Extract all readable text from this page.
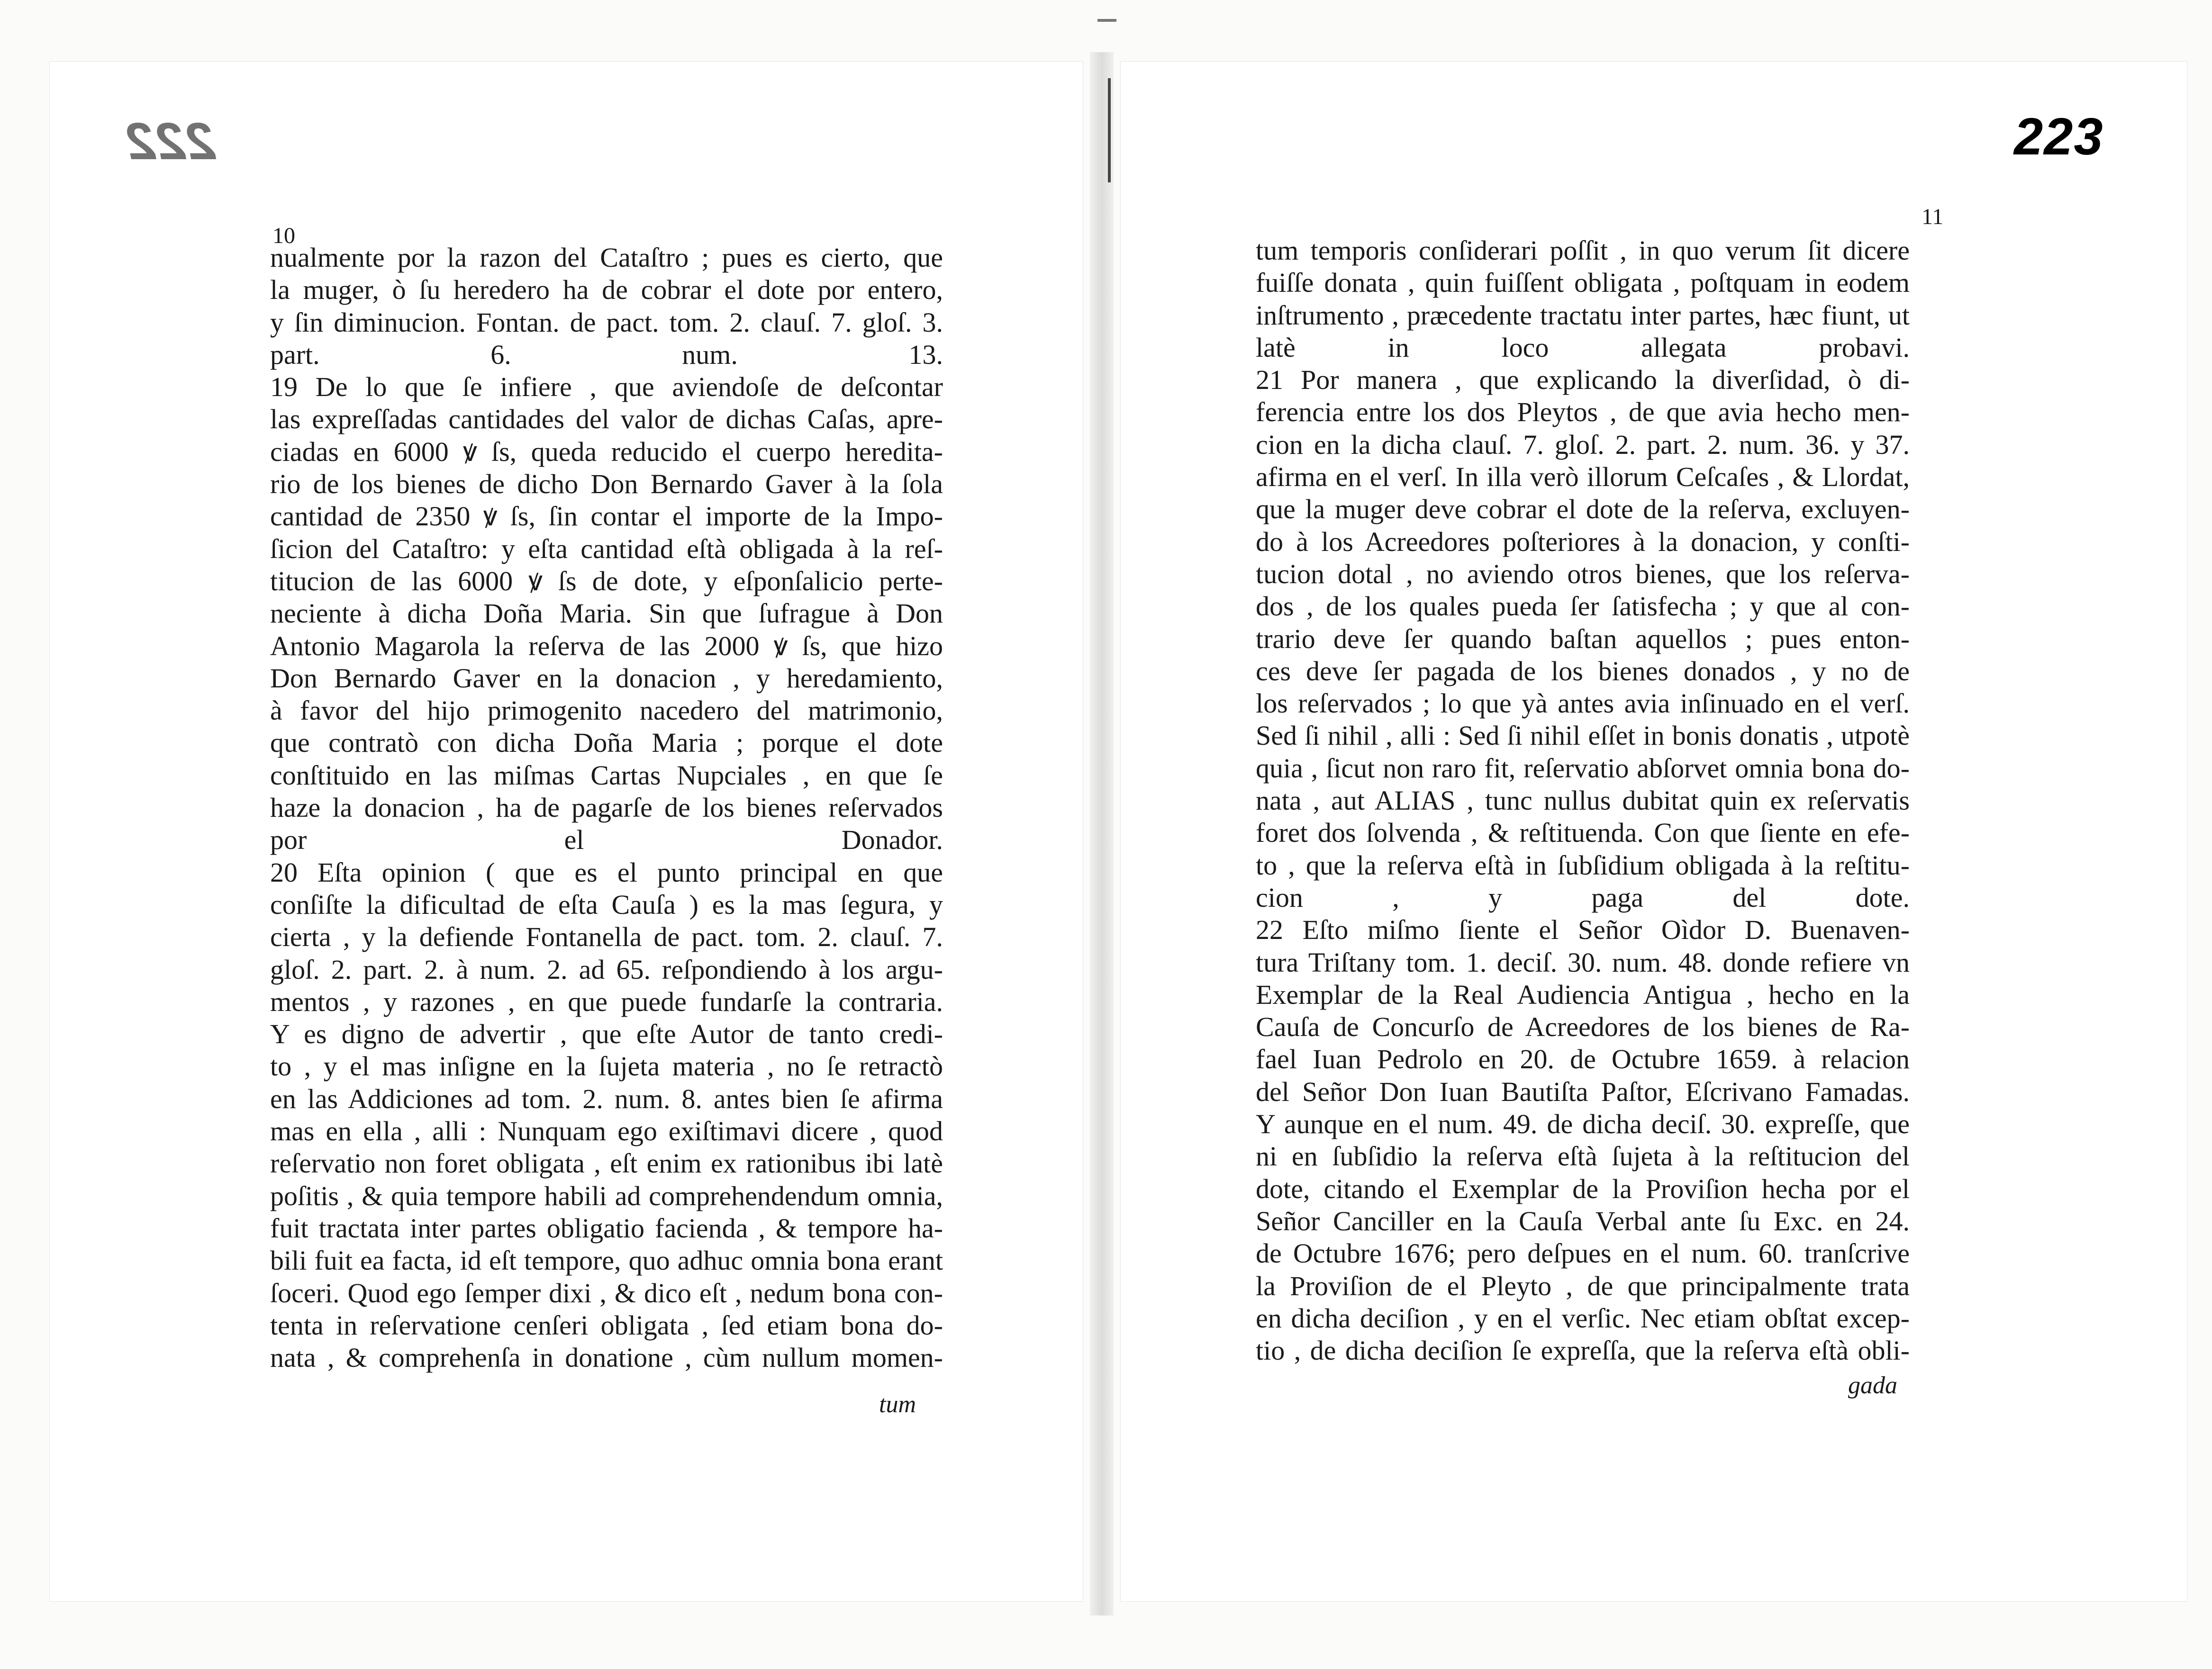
222	223
10
11
nualmente por la razon del Cataſtro ; pues es cierto, que
la muger, ò ſu heredero ha de cobrar el dote por entero,
y ſin diminucion. Fontan. de pact. tom. 2. clauſ. 7. gloſ. 3.
part. 6. num. 13.
19 De lo que ſe infiere , que aviendoſe de deſcontar
las expreſſadas cantidades del valor de dichas Caſas, apre-
ciadas en 6000 ꝟ ſs, queda reducido el cuerpo heredita-
rio de los bienes de dicho Don Bernardo Gaver à la ſola
cantidad de 2350 ꝟ ſs, ſin contar el importe de la Impo-
ſicion del Cataſtro: y eſta cantidad eſtà obligada à la reſ-
titucion de las 6000 ꝟ ſs de dote, y eſponſalicio perte-
neciente à dicha Doña Maria. Sin que ſufrague à Don
Antonio Magarola la reſerva de las 2000 ꝟ ſs, que hizo
Don Bernardo Gaver en la donacion , y heredamiento,
à favor del hijo primogenito nacedero del matrimonio,
que contratò con dicha Doña Maria ; porque el dote
conſtituido en las miſmas Cartas Nupciales , en que ſe
haze la donacion , ha de pagarſe de los bienes reſervados
por el Donador.
20 Eſta opinion ( que es el punto principal en que
conſiſte la dificultad de eſta Cauſa ) es la mas ſegura, y
cierta , y la defiende Fontanella de pact. tom. 2. clauſ. 7.
gloſ. 2. part. 2. à num. 2. ad 65. reſpondiendo à los argu-
mentos , y razones , en que puede fundarſe la contraria.
Y es digno de advertir , que eſte Autor de tanto credi-
to , y el mas inſigne en la ſujeta materia , no ſe retractò
en las Addiciones ad tom. 2. num. 8. antes bien ſe afirma
mas en ella , alli : Nunquam ego exiſtimavi dicere , quod
reſervatio non foret obligata , eſt enim ex rationibus ibi latè
poſitis , & quia tempore habili ad comprehendendum omnia,
fuit tractata inter partes obligatio facienda , & tempore ha-
bili fuit ea facta, id eſt tempore, quo adhuc omnia bona erant
ſoceri. Quod ego ſemper dixi , & dico eſt , nedum bona con-
tenta in reſervatione cenſeri obligata , ſed etiam bona do-
nata , & comprehenſa in donatione , cùm nullum momen-
tum temporis conſiderari poſſit , in quo verum ſit dicere
fuiſſe donata , quin fuiſſent obligata , poſtquam in eodem
inſtrumento , præcedente tractatu inter partes, hæc fiunt, ut
latè in loco allegata probavi.
21 Por manera , que explicando la diverſidad, ò di-
ferencia entre los dos Pleytos , de que avia hecho men-
cion en la dicha clauſ. 7. gloſ. 2. part. 2. num. 36. y 37.
afirma en el verſ. In illa verò illorum Ceſcaſes , & Llordat,
que la muger deve cobrar el dote de la reſerva, excluyen-
do à los Acreedores poſteriores à la donacion, y conſti-
tucion dotal , no aviendo otros bienes, que los reſerva-
dos , de los quales pueda ſer ſatisfecha ; y que al con-
trario deve ſer quando baſtan aquellos ; pues enton-
ces deve ſer pagada de los bienes donados , y no de
los reſervados ; lo que yà antes avia inſinuado en el verſ.
Sed ſi nihil , alli : Sed ſi nihil eſſet in bonis donatis , utpotè
quia , ſicut non raro fit, reſervatio abſorvet omnia bona do-
nata , aut ALIAS , tunc nullus dubitat quin ex reſervatis
foret dos ſolvenda , & reſtituenda. Con que ſiente en efe-
to , que la reſerva eſtà in ſubſidium obligada à la reſtitu-
cion , y paga del dote.
22 Eſto miſmo ſiente el Señor Oìdor D. Buenaven-
tura Triſtany tom. 1. deciſ. 30. num. 48. donde refiere vn
Exemplar de la Real Audiencia Antigua , hecho en la
Cauſa de Concurſo de Acreedores de los bienes de Ra-
fael Iuan Pedrolo en 20. de Octubre 1659. à relacion
del Señor Don Iuan Bautiſta Paſtor, Eſcrivano Famadas.
Y aunque en el num. 49. de dicha deciſ. 30. expreſſe, que
ni en ſubſidio la reſerva eſtà ſujeta à la reſtitucion del
dote, citando el Exemplar de la Proviſion hecha por el
Señor Canciller en la Cauſa Verbal ante ſu Exc. en 24.
de Octubre 1676; pero deſpues en el num. 60. tranſcrive
la Proviſion de el Pleyto , de que principalmente trata
en dicha deciſion , y en el verſic. Nec etiam obſtat excep-
tio , de dicha deciſion ſe expreſſa, que la reſerva eſtà obli-
tum
gada
